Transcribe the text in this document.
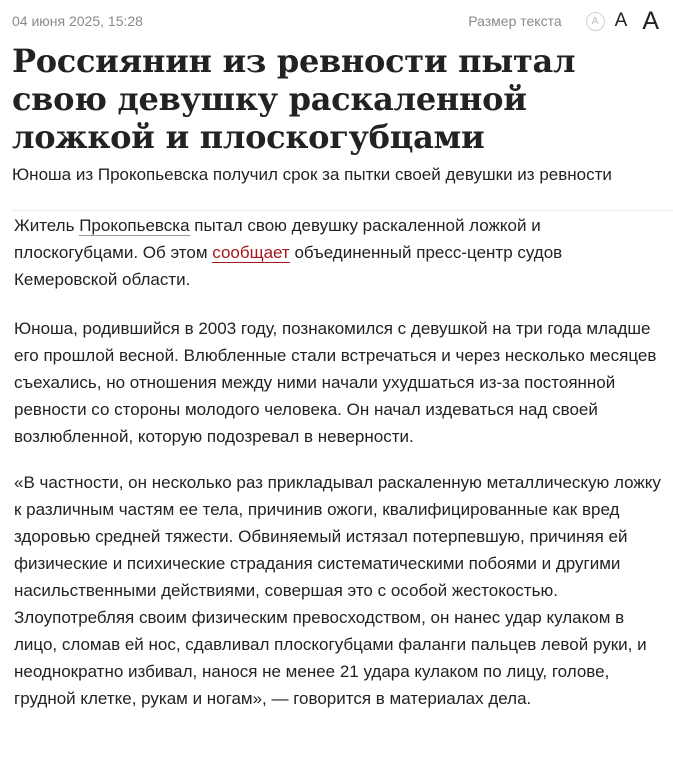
04 июня 2025, 15:28	Размер текста	A A A
Россиянин из ревности пытал свою девушку раскаленной ложкой и плоскогубцами

Юноша из Прокопьевска получил срок за пытки своей девушки из ревности

Житель Прокопьевска пытал свою девушку раскаленной ложкой и плоскогубцами. Об этом сообщает объединенный пресс-центр судов Кемеровской области.

Юноша, родившийся в 2003 году, познакомился с девушкой на три года младше его прошлой весной. Влюбленные стали встречаться и через несколько месяцев съехались, но отношения между ними начали ухудшаться из-за постоянной ревности со стороны молодого человека. Он начал издеваться над своей возлюбленной, которую подозревал в неверности.

«В частности, он несколько раз прикладывал раскаленную металлическую ложку к различным частям ее тела, причинив ожоги, квалифицированные как вред здоровью средней тяжести. Обвиняемый истязал потерпевшую, причиняя ей физические и психические страдания систематическими побоями и другими насильственными действиями, совершая это с особой жестокостью. Злоупотребляя своим физическим превосходством, он нанес удар кулаком в лицо, сломав ей нос, сдавливал плоскогубцами фаланги пальцев левой руки, и неоднократно избивал, нанося не менее 21 удара кулаком по лицу, голове, грудной клетке, рукам и ногам», — говорится в материалах дела.
